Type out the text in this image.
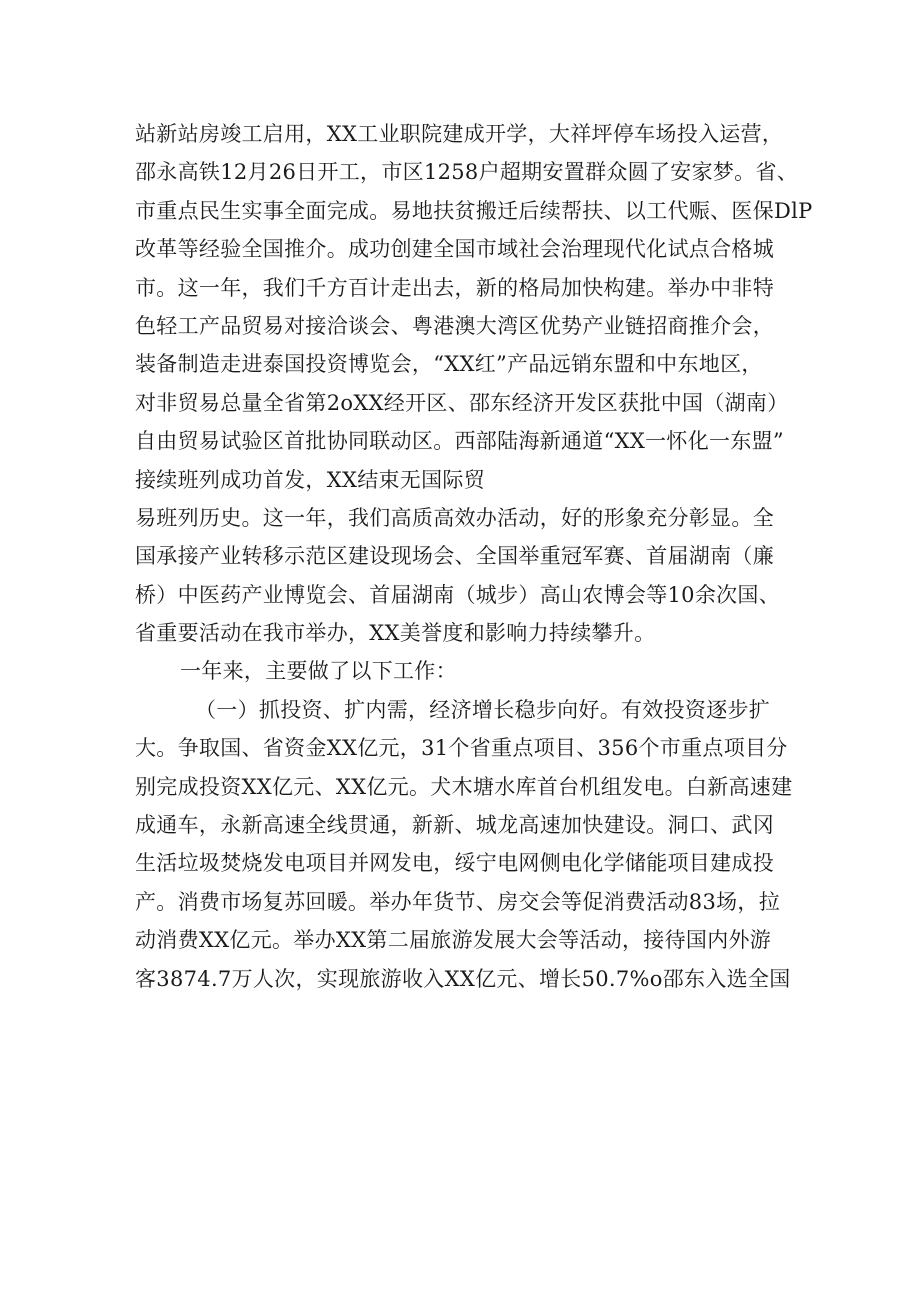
站新站房竣工启用，XX工业职院建成开学，大祥坪停车场投入运营，
邵永高铁12月26日开工，市区1258户超期安置群众圆了安家梦。省、
市重点民生实事全面完成。易地扶贫搬迁后续帮扶、以工代赈、医保DlP
改革等经验全国推介。成功创建全国市域社会治理现代化试点合格城
市。这一年，我们千方百计走出去，新的格局加快构建。举办中非特
色轻工产品贸易对接洽谈会、粤港澳大湾区优势产业链招商推介会，
装备制造走进泰国投资博览会，“XX红”产品远销东盟和中东地区，
对非贸易总量全省第2oXX经开区、邵东经济开发区获批中国（湖南）
自由贸易试验区首批协同联动区。西部陆海新通道“XX一怀化一东盟”
接续班列成功首发，XX结束无国际贸
易班列历史。这一年，我们高质高效办活动，好的形象充分彰显。全
国承接产业转移示范区建设现场会、全国举重冠军赛、首届湖南（廉
桥）中医药产业博览会、首届湖南（城步）高山农博会等10余次国、
省重要活动在我市举办，XX美誉度和影响力持续攀升。
一年来，主要做了以下工作：
（一）抓投资、扩内需，经济增长稳步向好。有效投资逐步扩
大。争取国、省资金XX亿元，31个省重点项目、356个市重点项目分
别完成投资XX亿元、XX亿元。犬木塘水库首台机组发电。白新高速建
成通车，永新高速全线贯通，新新、城龙高速加快建设。洞口、武冈
生活垃圾焚烧发电项目并网发电，绥宁电网侧电化学储能项目建成投
产。消费市场复苏回暖。举办年货节、房交会等促消费活动83场，拉
动消费XX亿元。举办XX第二届旅游发展大会等活动，接待国内外游
客3874.7万人次，实现旅游收入XX亿元、增长50.7%o邵东入选全国
